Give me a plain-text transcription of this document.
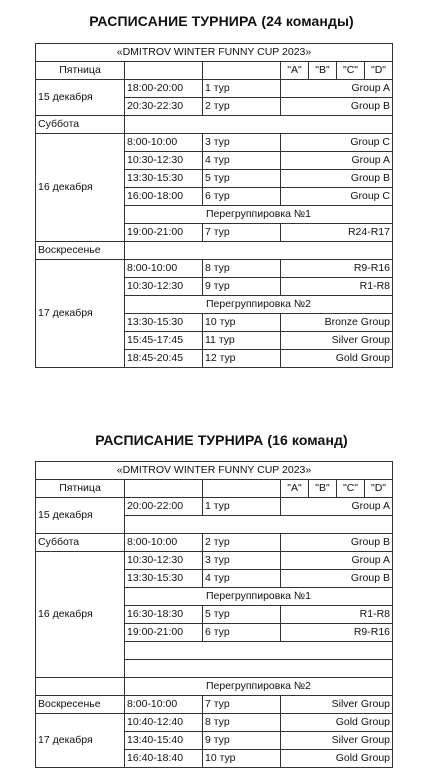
РАСПИСАНИЕ ТУРНИРА (24 команды)
«DMITROV WINTER FUNNY CUP 2023»						
Пятница			"A"	"B"	"C"	"D"
15 декабря	18:00-20:00	1 тур	Group A			
	20:30-22:30	2 тур	Group B			
Суббота						
16 декабря	8:00-10:00	3 тур	Group C			
	10:30-12:30	4 тур	Group A			
	13:30-15:30	5 тур	Group B			
	16:00-18:00	6 тур	Group C			
	Перегруппировка №1					
	19:00-21:00	7 тур	R24-R17			
Воскресенье						
17 декабря	8:00-10:00	8 тур	R9-R16			
	10:30-12:30	9 тур	R1-R8			
	Перегруппировка №2					
	13:30-15:30	10 тур	Bronze Group			
	15:45-17:45	11 тур	Silver Group			
	18:45-20:45	12 тур	Gold Group			
РАСПИСАНИЕ ТУРНИРА (16 команд)
«DMITROV WINTER FUNNY CUP 2023»						
Пятница			"A"	"B"	"C"	"D"
15 декабря	20:00-22:00	1 тур	Group A			

Суббота	8:00-10:00	2 тур	Group B			
16 декабря	10:30-12:30	3 тур	Group A			
	13:30-15:30	4 тур	Group B			
	Перегруппировка №1					
	16:30-18:30	5 тур	R1-R8			
	19:00-21:00	6 тур	R9-R16			

	Перегруппировка №2					
Воскресенье	8:00-10:00	7 тур	Silver Group			
17 декабря	10:40-12:40	8 тур	Gold Group			
	13:40-15:40	9 тур	Silver Group			
	16:40-18:40	10 тур	Gold Group			
